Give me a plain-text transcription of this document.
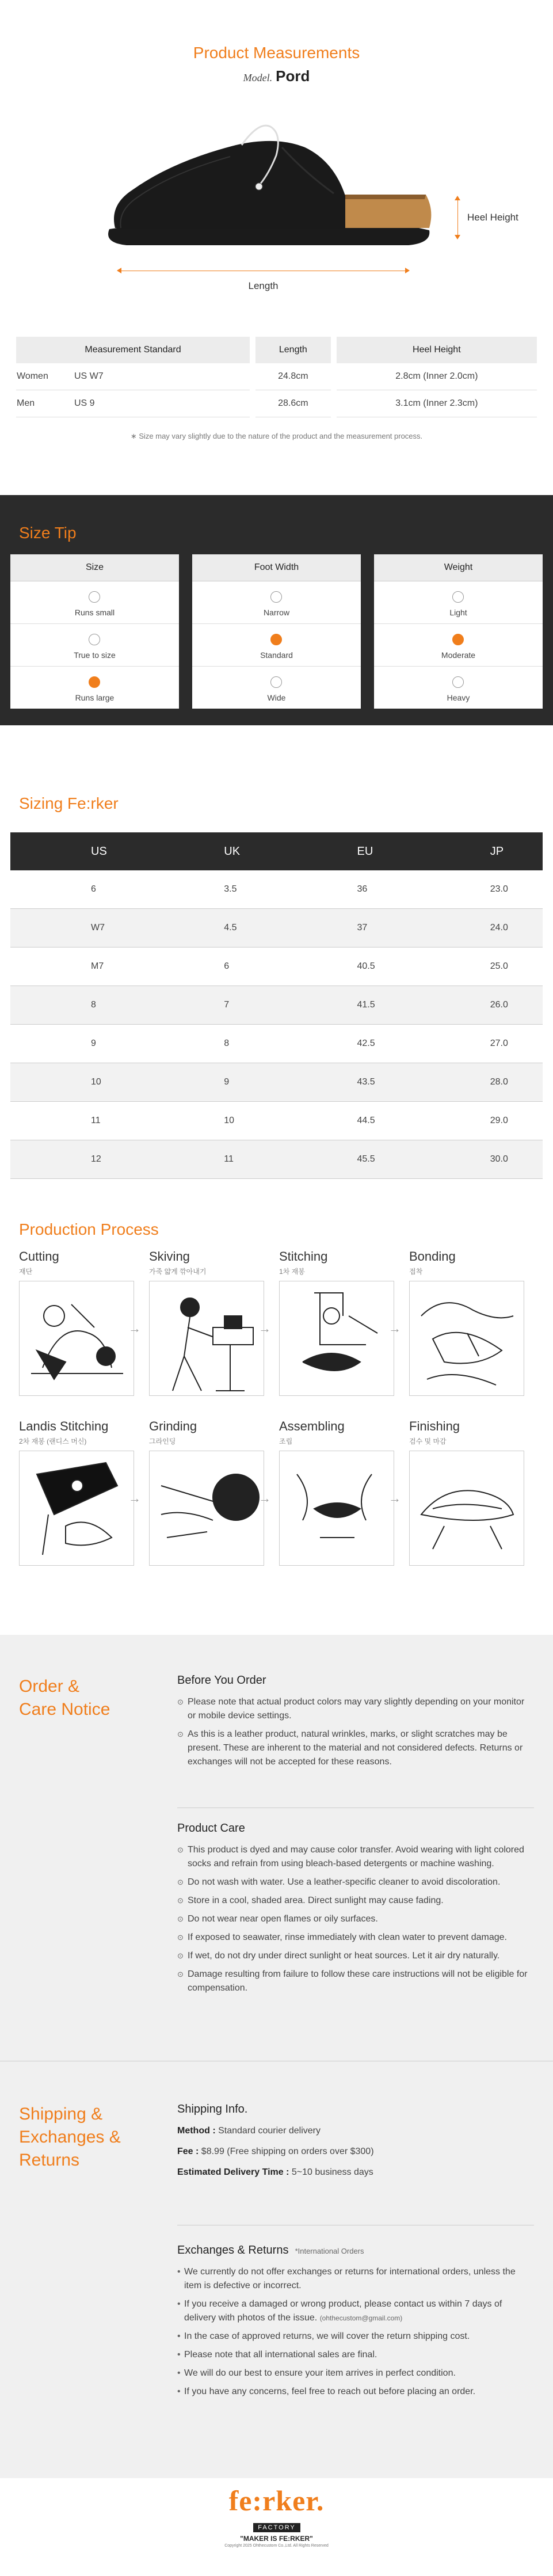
Product Measurements
Model. Pord
Length
Heel Height
Measurement Standard	Length	Heel Height
Women US W7	24.8cm	2.8cm (Inner 2.0cm)
Men US 9	28.6cm	3.1cm (Inner 2.3cm)
∗ Size may vary slightly due to the nature of the product and the measurement process.
Size Tip
Size
Runs small
True to size
Runs large
Foot Width
Narrow
Standard
Wide
Weight
Light
Moderate
Heavy
Sizing Fe:rker
US	UK	EU	JP
6	3.5	36	23.0
W7	4.5	37	24.0
M7	6	40.5	25.0
8	7	41.5	26.0
9	8	42.5	27.0
10	9	43.5	28.0
11	10	44.5	29.0
12	11	45.5	30.0
Production Process
Cutting
재단
→
Skiving
가죽 얇게 깎아내기
→
Stitching
1차 재봉
→
Bonding
접착
Landis Stitching
2차 재봉 (랜디스 머신)
→
Grinding
그라인딩
→
Assembling
조립
→
Finishing
검수 및 마감
Order &
Care Notice
Before You Order
⊙ Please note that actual product colors may vary slightly depending on your monitor or mobile device settings.
⊙ As this is a leather product, natural wrinkles, marks, or slight scratches may be present. These are inherent to the material and not considered defects. Returns or exchanges will not be accepted for these reasons.
Product Care
⊙ This product is dyed and may cause color transfer. Avoid wearing with light colored socks and refrain from using bleach-based detergents or machine washing.
⊙ Do not wash with water. Use a leather-specific cleaner to avoid discoloration.
⊙ Store in a cool, shaded area. Direct sunlight may cause fading.
⊙ Do not wear near open flames or oily surfaces.
⊙ If exposed to seawater, rinse immediately with clean water to prevent damage.
⊙ If wet, do not dry under direct sunlight or heat sources. Let it air dry naturally.
⊙ Damage resulting from failure to follow these care instructions will not be eligible for compensation.
Shipping &
Exchanges &
Returns
Shipping Info.
Method : Standard courier delivery
Fee : $8.99 (Free shipping on orders over $300)
Estimated Delivery Time : 5~10 business days
Exchanges & Returns *International Orders
• We currently do not offer exchanges or returns for international orders, unless the item is defective or incorrect.
• If you receive a damaged or wrong product, please contact us within 7 days of delivery with photos of the issue. (ohthecustom@gmail.com)
• In the case of approved returns, we will cover the return shipping cost.
• Please note that all international sales are final.
• We will do our best to ensure your item arrives in perfect condition.
• If you have any concerns, feel free to reach out before placing an order.
fe:rker.
FACTORY
"MAKER IS FE:RKER"
Copyright 2025 Ohthecustom Co.,Ltd. All Rights Reserved
